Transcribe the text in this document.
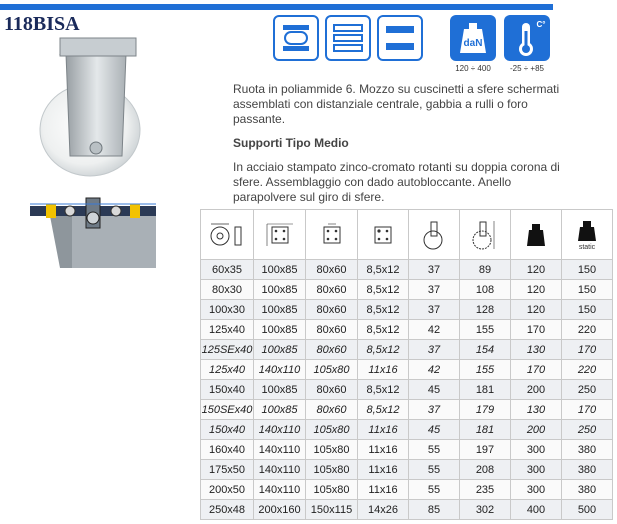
118BISA
daN
120 ÷ 400
C°
-25 ÷ +85
Ruota in poliammide 6. Mozzo su cuscinetti a sfere schermati assemblati con distanziale centrale, gabbia a rulli o foro passante.
Supporti Tipo Medio
In acciaio stampato zinco-cromato rotanti su doppia corona di sfere. Assemblaggio con dado autobloccante. Anello parapolvere sul giro di sfere.

static

60x35	100x85	80x60	8,5x12	37	89	120	150
80x30	100x85	80x60	8,5x12	37	108	120	150
100x30	100x85	80x60	8,5x12	37	128	120	150
125x40	100x85	80x60	8,5x12	42	155	170	220
125SEx40	100x85	80x60	8,5x12	37	154	130	170
125x40	140x110	105x80	11x16	42	155	170	220
150x40	100x85	80x60	8,5x12	45	181	200	250
150SEx40	100x85	80x60	8,5x12	37	179	130	170
150x40	140x110	105x80	11x16	45	181	200	250
160x40	140x110	105x80	11x16	55	197	300	380
175x50	140x110	105x80	11x16	55	208	300	380
200x50	140x110	105x80	11x16	55	235	300	380
250x48	200x160	150x115	14x26	85	302	400	500
